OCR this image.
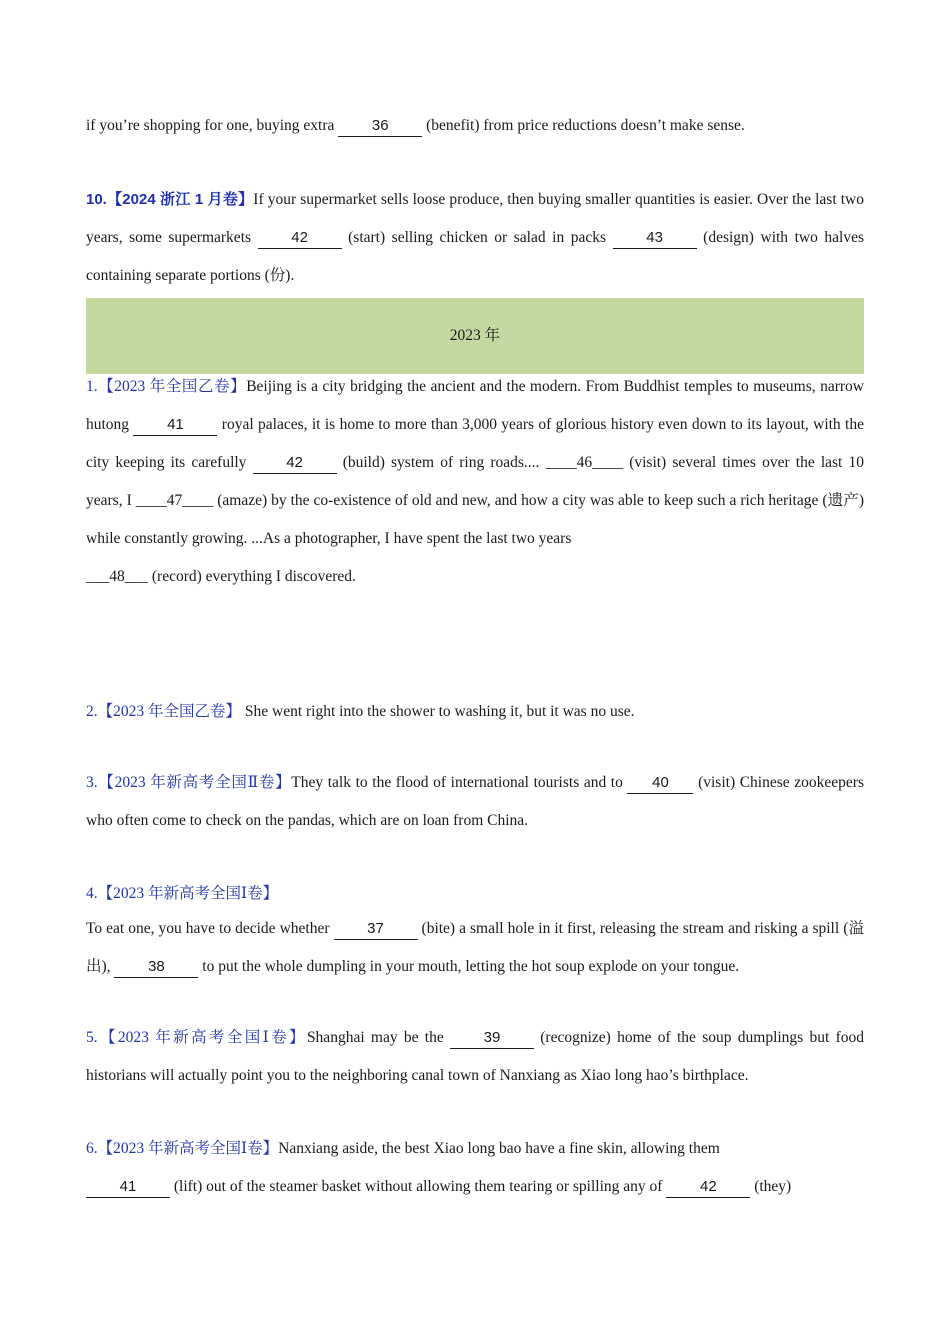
if you’re shopping for one, buying extra 36 (benefit) from price reductions doesn’t make sense.
10.【2024 浙江 1 月卷】If your supermarket sells loose produce, then buying smaller quantities is easier. Over the last two years, some supermarkets 42 (start) selling chicken or salad in packs 43 (design) with two halves containing separate portions (份).
2023 年
1.【2023 年全国乙卷】Beijing is a city bridging the ancient and the modern. From Buddhist temples to museums, narrow hutong 41 royal palaces, it is home to more than 3,000 years of glorious history even down to its layout, with the city keeping its carefully 42 (build) system of ring roads.... ____46____ (visit) several times over the last 10 years, I ____47____ (amaze) by the co-existence of old and new, and how a city was able to keep such a rich heritage (遗产) while constantly growing. ...As a photographer, I have spent the last two years
___48___ (record) everything I discovered.
2.【2023 年全国乙卷】 She went right into the shower to washing it, but it was no use.
3.【2023 年新高考全国Ⅱ卷】They talk to the flood of international tourists and to 40 (visit) Chinese zookeepers who often come to check on the pandas, which are on loan from China.
4.【2023 年新高考全国Ⅰ卷】
To eat one, you have to decide whether 37 (bite) a small hole in it first, releasing the stream and risking a spill (溢出), 38 to put the whole dumpling in your mouth, letting the hot soup explode on your tongue.
5.【2023 年新高考全国Ⅰ卷】Shanghai may be the 39 (recognize) home of the soup dumplings but food historians will actually point you to the neighboring canal town of Nanxiang as Xiao long hao’s birthplace.
6.【2023 年新高考全国Ⅰ卷】Nanxiang aside, the best Xiao long bao have a fine skin, allowing them
41 (lift) out of the steamer basket without allowing them tearing or spilling any of 42 (they)
